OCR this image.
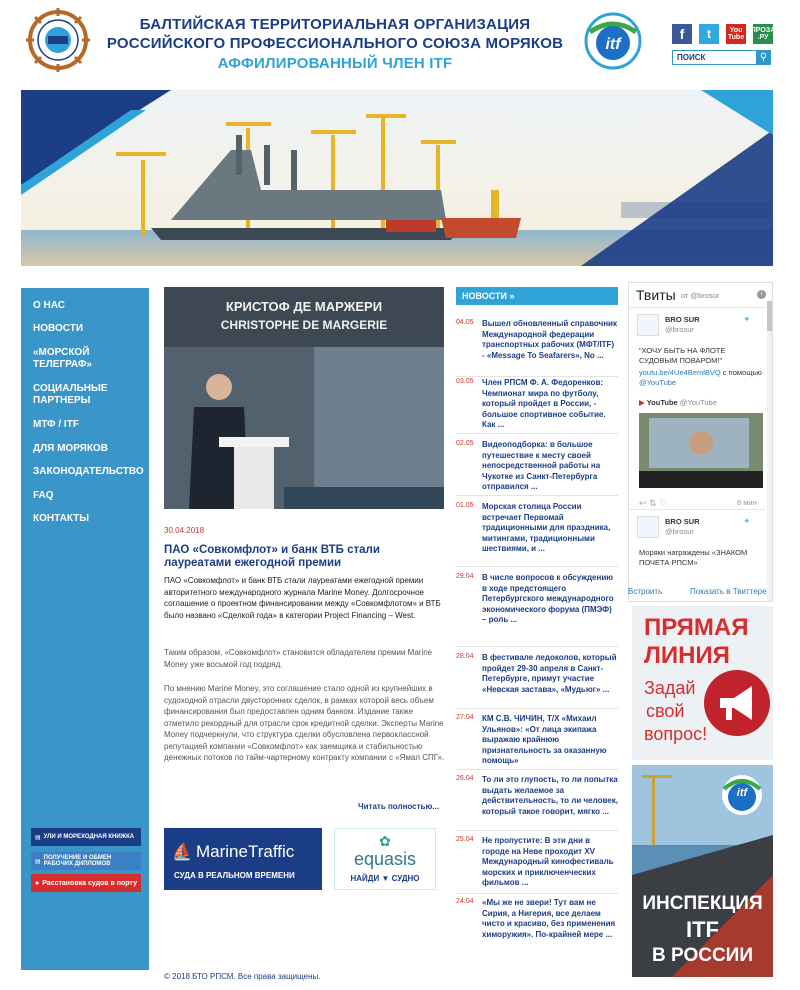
БАЛТИЙСКАЯ ТЕРРИТОРИАЛЬНАЯ ОРГАНИЗАЦИЯ
РОССИЙСКОГО ПРОФЕССИОНАЛЬНОГО СОЮЗА МОРЯКОВ
АФФИЛИРОВАННЫЙ ЧЛЕН ITF
itf
f	t	You Tube
ПРОЗА .РУ
ПОИСК	⚲
О НАС
НОВОСТИ
«МОРСКОЙ ТЕЛЕГРАФ»
СОЦИАЛЬНЫЕ ПАРТНЕРЫ
МТФ / ITF
ДЛЯ МОРЯКОВ
ЗАКОНОДАТЕЛЬСТВО
FAQ
КОНТАКТЫ
▤ УЛИ И МОРЕХОДНАЯ КНИЖКА
▤
ПОЛУЧЕНИЕ И ОБМЕН РАБОЧИХ ДИПЛОМОВ
● Расстановка судов в порту
КРИСТОФ ДЕ МАРЖЕРИ
CHRISTOPHE DE MARGERIE
30.04.2018
ПАО «Совкомфлот» и банк ВТБ стали лауреатами ежегодной премии
ПАО «Совкомфлот» и банк ВТБ стали лауреатами ежегодной премии авторитетного международного журнала Marine Money. Долгосрочное соглашение о проектном финансировании между «Совкомфлотом» и ВТБ было названо «Сделкой года» в категории Project Financing – West.
Таким образом, «Совкомфлот» становится обладателем премии Marine Money уже восьмой год подряд.
По мнению Marine Money, это соглашение стало одной из крупнейших в судоходной отрасли двусторонних сделок, в рамках которой весь объем финансирования был предоставлен одним банком. Издание также отметило рекордный для отрасли срок кредитной сделки. Эксперты Marine Money подчеркнули, что структура сделки обусловлена первоклассной репутацией компании «Совкомфлот» как заемщика и стабильностью денежных потоков по тайм-чартерному контракту компании с «Ямал СПГ».
Читать полностью...
⛵ MarineTraffic
СУДА В РЕАЛЬНОМ ВРЕМЕНИ
✿
equasis
НАЙДИ ▼ СУДНО
© 2018 БТО РПСМ. Все права защищены.
НОВОСТИ »
04.05 Вышел обновленный справочник Международной федерации транспортных рабочих (МФТ/ITF) - «Message To Seafarers», No ...
03.05 Член РПСМ Ф. А. Федоренков: Чемпионат мира по футболу, который пройдет в России, - большое спортивное событие. Как ...
02.05 Видеоподборка: в большое путешествие к месту своей непосредственной работы на Чукотке из Санкт-Петербурга отправился ...
01.05 Морская столица России встречает Первомай традиционными для праздника, митингами, традиционными шествиями, и ...
29.04 В числе вопросов к обсуждению в ходе предстоящего Петербургского международного экономического форума (ПМЭФ) – роль ...
28.04 В фестивале ледоколов, который пройдет 29-30 апреля в Санкт-Петербурге, примут участие «Невская застава», «Мудьюг» ...
27.04 КМ С.В. ЧИЧИН, Т/Х «Михаил Ульянов»: «От лица экипажа выражаю крайнюю признательность за оказанную помощь»
26.04 То ли это глупость, то ли попытка выдать желаемое за действительность, то ли человек, который такое говорит, мягко ...
25.04 Не пропустите: В эти дни в городе на Неве проходит XV Международный кинофестиваль морских и приключенческих фильмов ...
24.04 «Мы же не звери! Тут вам не Сирия, а Нигерия, все делаем чисто и красиво, без применения химоружия». По-крайней мере ...
Твиты от @brosur	i
BRO SUR
@brosur
✦
"ХОЧУ БЫТЬ НА ФЛОТЕ СУДОВЫМ ПОВАРОМ!"
youtu.be/4Ue4BemlBVQ с помощью @YouTube
▶ YouTube @YouTube
↩ ⇅ ♡	8 мин
BRO SUR
@brosur
✦
Моряки награждены «ЗНАКОМ ПОЧЕТА РПСМ»
Встроить	Показать в Твиттере
ПРЯМАЯ
ЛИНИЯ
Задай
свой
вопрос!
itf
ИНСПЕКЦИЯ
ITF
В РОССИИ
